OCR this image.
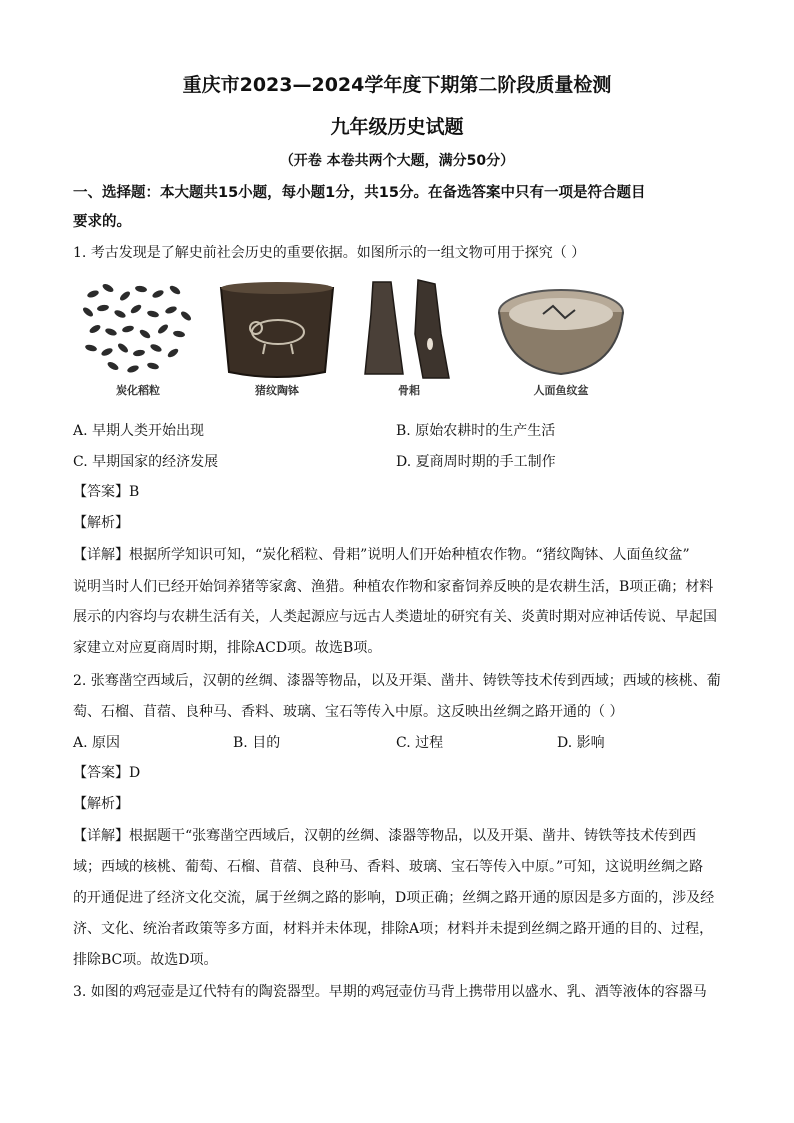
重庆市2023—2024学年度下期第二阶段质量检测
九年级历史试题
（开卷 本卷共两个大题，满分50分）
一、选择题：本大题共15小题，每小题1分，共15分。在备选答案中只有一项是符合题目
要求的。
1. 考古发现是了解史前社会历史的重要依据。如图所示的一组文物可用于探究（ ）
炭化稻粒	猪纹陶钵	骨耜	人面鱼纹盆
A. 早期人类开始出现	B. 原始农耕时的生产生活
C. 早期国家的经济发展	D. 夏商周时期的手工制作
【答案】B
【解析】
【详解】根据所学知识可知，“炭化稻粒、骨耜”说明人们开始种植农作物。“猪纹陶钵、人面鱼纹盆”
说明当时人们已经开始饲养猪等家禽、渔猎。种植农作物和家畜饲养反映的是农耕生活，B项正确；材料
展示的内容均与农耕生活有关，人类起源应与远古人类遗址的研究有关、炎黄时期对应神话传说、早起国
家建立对应夏商周时期，排除ACD项。故选B项。
2. 张骞凿空西域后，汉朝的丝绸、漆器等物品，以及开渠、凿井、铸铁等技术传到西域；西域的核桃、葡
萄、石榴、苜蓿、良种马、香料、玻璃、宝石等传入中原。这反映出丝绸之路开通的（ ）
A. 原因	B. 目的	C. 过程	D. 影响
【答案】D
【解析】
【详解】根据题干“张骞凿空西域后，汉朝的丝绸、漆器等物品，以及开渠、凿井、铸铁等技术传到西
域；西域的核桃、葡萄、石榴、苜蓿、良种马、香料、玻璃、宝石等传入中原。”可知，这说明丝绸之路
的开通促进了经济文化交流，属于丝绸之路的影响，D项正确；丝绸之路开通的原因是多方面的，涉及经
济、文化、统治者政策等多方面，材料并未体现，排除A项；材料并未提到丝绸之路开通的目的、过程，
排除BC项。故选D项。
3. 如图的鸡冠壶是辽代特有的陶瓷器型。早期的鸡冠壶仿马背上携带用以盛水、乳、酒等液体的容器马
